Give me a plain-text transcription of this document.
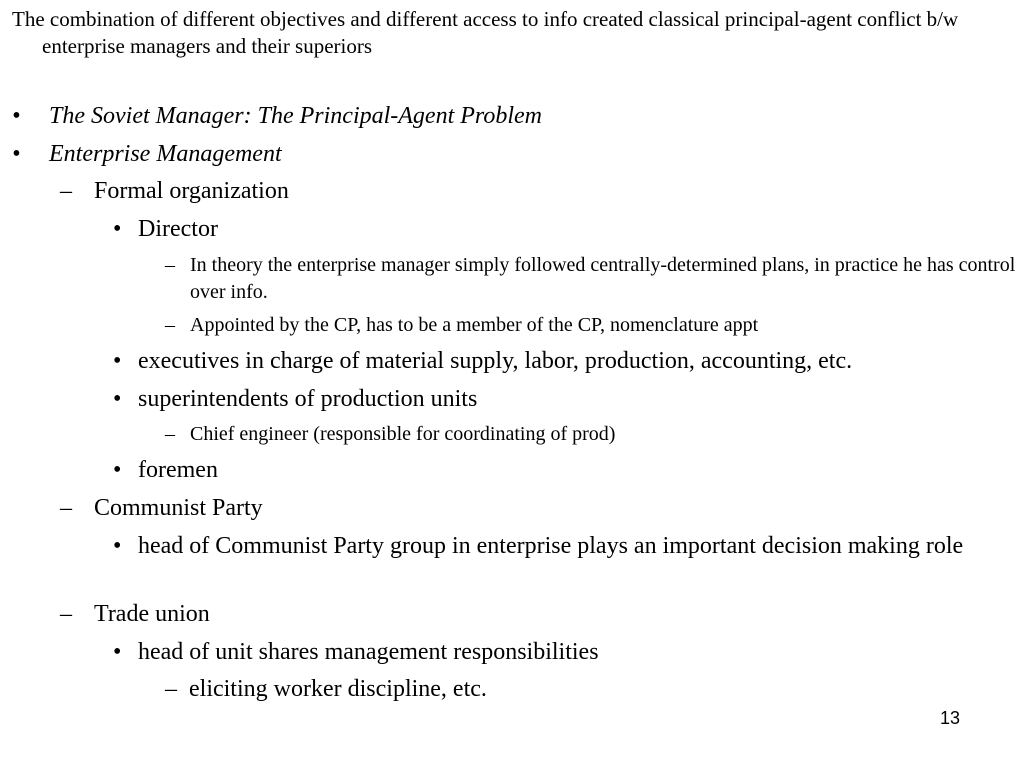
The combination of different objectives and different access to info created classical principal-agent conflict b/w enterprise managers and their superiors
• The Soviet Manager: The Principal-Agent Problem
• Enterprise Management
– Formal organization
• Director
– In theory the enterprise manager simply followed centrally-determined plans, in practice he has control over info.
– Appointed by the CP, has to be a member of the CP, nomenclature appt
• executives in charge of material supply, labor, production, accounting, etc.
• superintendents of production units
– Chief engineer (responsible for coordinating of prod)
• foremen
– Communist Party
• head of Communist Party group in enterprise plays an important decision making role
– Trade union
• head of unit shares management responsibilities
– eliciting worker discipline, etc.
13
